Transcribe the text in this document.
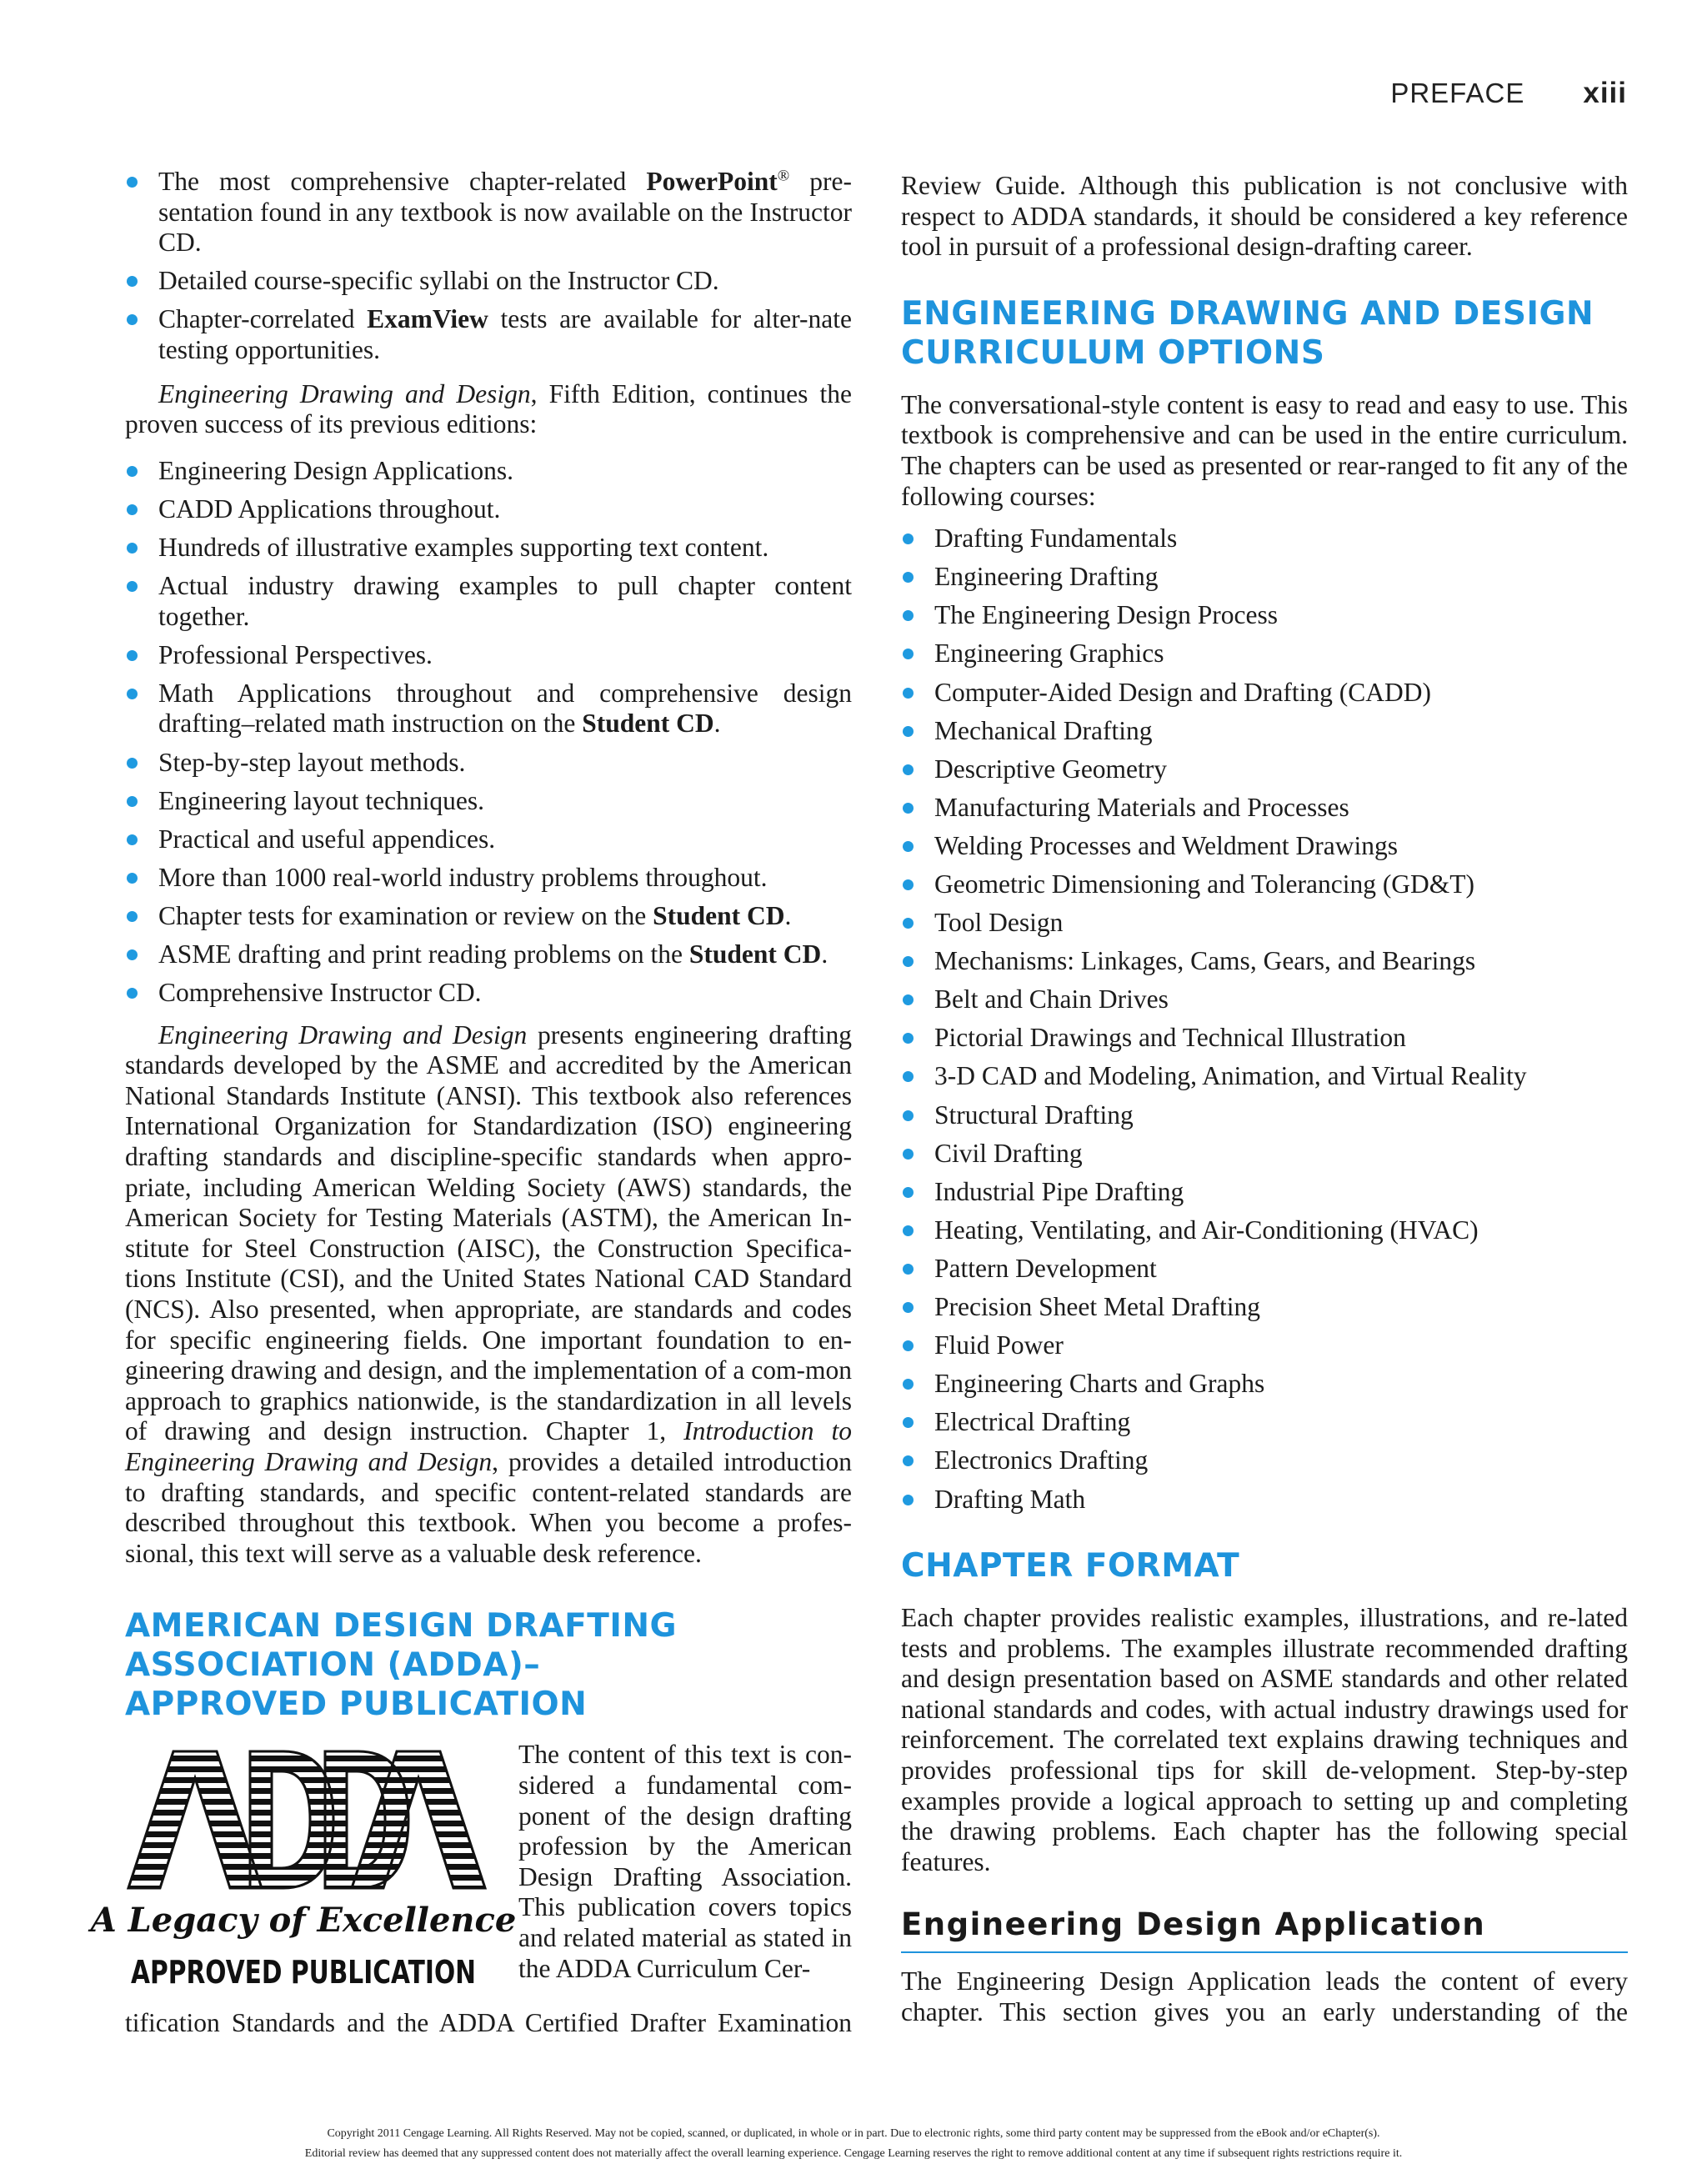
PREFACE xiii
The most comprehensive chapter-related PowerPoint® pre-sentation found in any textbook is now available on the Instructor CD.
Detailed course-specific syllabi on the Instructor CD.
Chapter-correlated ExamView tests are available for alter-nate testing opportunities.

Engineering Drawing and Design, Fifth Edition, continues the proven success of its previous editions:

Engineering Design Applications.
CADD Applications throughout.
Hundreds of illustrative examples supporting text content.
Actual industry drawing examples to pull chapter content together.
Professional Perspectives.
Math Applications throughout and comprehensive design drafting–related math instruction on the Student CD.
Step-by-step layout methods.
Engineering layout techniques.
Practical and useful appendices.
More than 1000 real-world industry problems throughout.
Chapter tests for examination or review on the Student CD.
ASME drafting and print reading problems on the Student CD.
Comprehensive Instructor CD.

Engineering Drawing and Design presents engineering drafting standards developed by the ASME and accredited by the American National Standards Institute (ANSI). This textbook also references International Organization for Standardization (ISO) engineering drafting standards and discipline-specific standards when appro-priate, including American Welding Society (AWS) standards, the American Society for Testing Materials (ASTM), the American In-stitute for Steel Construction (AISC), the Construction Specifica-tions Institute (CSI), and the United States National CAD Standard (NCS). Also presented, when appropriate, are standards and codes for specific engineering fields. One important foundation to en-gineering drawing and design, and the implementation of a com-mon approach to graphics nationwide, is the standardization in all levels of drawing and design instruction. Chapter 1, Introduction to Engineering Drawing and Design, provides a detailed introduction to drafting standards, and specific content-related standards are described throughout this textbook. When you become a profes-sional, this text will serve as a valuable desk reference.

AMERICAN DESIGN DRAFTING ASSOCIATION (ADDA)–APPROVED PUBLICATION
A Legacy of Excellence
APPROVED PUBLICATION

The content of this text is con-sidered a fundamental com-ponent of the design drafting profession by the American Design Drafting Association. This publication covers topics and related material as stated in the ADDA Curriculum Cer-

tification Standards and the ADDA Certified Drafter Examination

Review Guide. Although this publication is not conclusive with respect to ADDA standards, it should be considered a key reference tool in pursuit of a professional design-drafting career.

ENGINEERING DRAWING AND DESIGN CURRICULUM OPTIONS

The conversational-style content is easy to read and easy to use. This textbook is comprehensive and can be used in the entire curriculum. The chapters can be used as presented or rear-ranged to fit any of the following courses:

Drafting Fundamentals
Engineering Drafting
The Engineering Design Process
Engineering Graphics
Computer-Aided Design and Drafting (CADD)
Mechanical Drafting
Descriptive Geometry
Manufacturing Materials and Processes
Welding Processes and Weldment Drawings
Geometric Dimensioning and Tolerancing (GD&T)
Tool Design
Mechanisms: Linkages, Cams, Gears, and Bearings
Belt and Chain Drives
Pictorial Drawings and Technical Illustration
3-D CAD and Modeling, Animation, and Virtual Reality
Structural Drafting
Civil Drafting
Industrial Pipe Drafting
Heating, Ventilating, and Air-Conditioning (HVAC)
Pattern Development
Precision Sheet Metal Drafting
Fluid Power
Engineering Charts and Graphs
Electrical Drafting
Electronics Drafting
Drafting Math
CHAPTER FORMAT

Each chapter provides realistic examples, illustrations, and re-lated tests and problems. The examples illustrate recommended drafting and design presentation based on ASME standards and other related national standards and codes, with actual industry drawings used for reinforcement. The correlated text explains drawing techniques and provides professional tips for skill de-velopment. Step-by-step examples provide a logical approach to setting up and completing the drawing problems. Each chapter has the following special features.

Engineering Design Application

The Engineering Design Application leads the content of every chapter. This section gives you an early understanding of the

Copyright 2011 Cengage Learning. All Rights Reserved. May not be copied, scanned, or duplicated, in whole or in part. Due to electronic rights, some third party content may be suppressed from the eBook and/or eChapter(s).
Editorial review has deemed that any suppressed content does not materially affect the overall learning experience. Cengage Learning reserves the right to remove additional content at any time if subsequent rights restrictions require it.
